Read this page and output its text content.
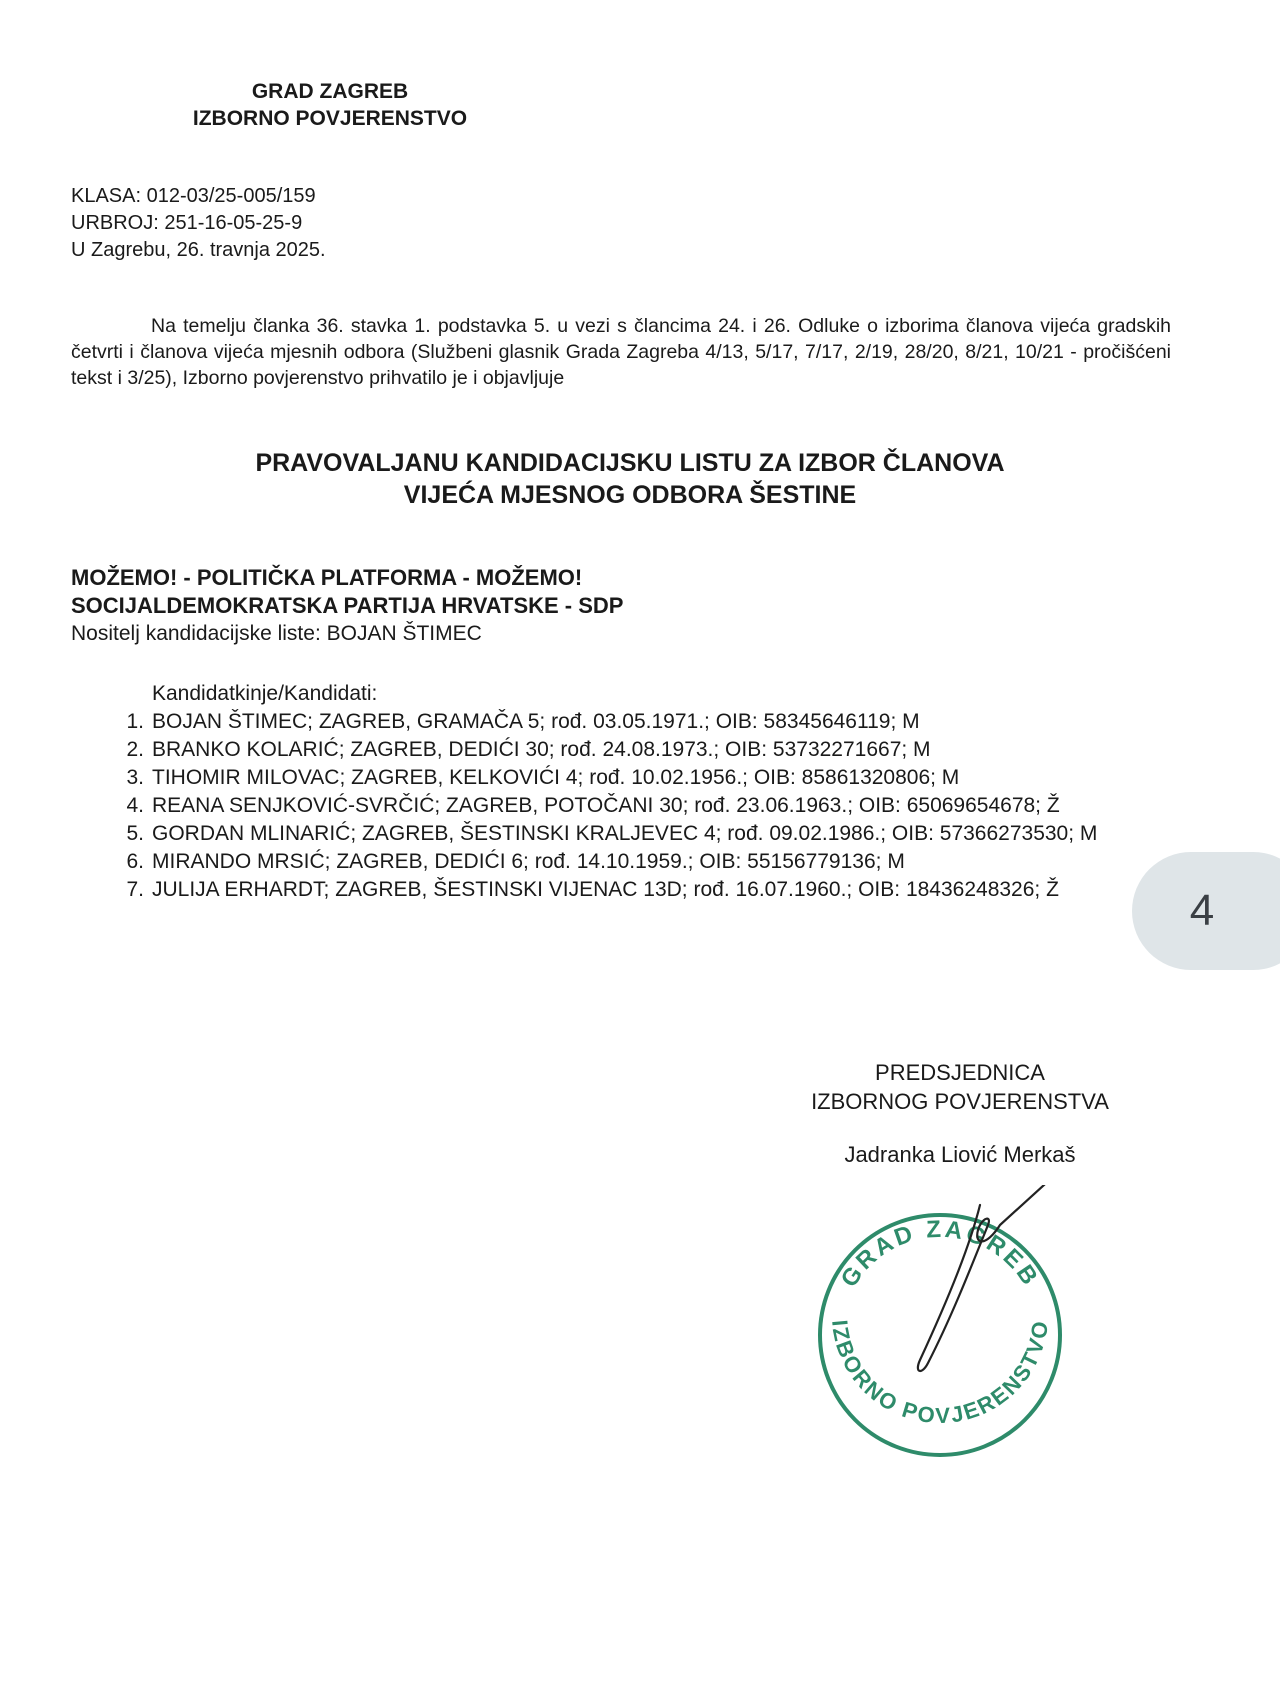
GRAD ZAGREB
IZBORNO POVJERENSTVO
KLASA: 012-03/25-005/159
URBROJ: 251-16-05-25-9
U Zagrebu, 26. travnja 2025.
Na temelju članka 36. stavka 1. podstavka 5. u vezi s člancima 24. i 26. Odluke o izborima članova vijeća gradskih četvrti i članova vijeća mjesnih odbora (Službeni glasnik Grada Zagreba 4/13, 5/17, 7/17, 2/19, 28/20, 8/21, 10/21 - pročišćeni tekst i 3/25), Izborno povjerenstvo prihvatilo je i objavljuje
PRAVOVALJANU KANDIDACIJSKU LISTU ZA IZBOR ČLANOVA
VIJEĆA MJESNOG ODBORA ŠESTINE
MOŽEMO! - POLITIČKA PLATFORMA - MOŽEMO!
SOCIJALDEMOKRATSKA PARTIJA HRVATSKE - SDP
Nositelj kandidacijske liste: BOJAN ŠTIMEC
Kandidatkinje/Kandidati:
1. BOJAN ŠTIMEC; ZAGREB, GRAMAČA 5; rođ. 03.05.1971.; OIB: 58345646119; M
2. BRANKO KOLARIĆ; ZAGREB, DEDIĆI 30; rođ. 24.08.1973.; OIB: 53732271667; M
3. TIHOMIR MILOVAC; ZAGREB, KELKOVIĆI 4; rođ. 10.02.1956.; OIB: 85861320806; M
4. REANA SENJKOVIĆ-SVRČIĆ; ZAGREB, POTOČANI 30; rođ. 23.06.1963.; OIB: 65069654678; Ž
5. GORDAN MLINARIĆ; ZAGREB, ŠESTINSKI KRALJEVEC 4; rođ. 09.02.1986.; OIB: 57366273530; M
6. MIRANDO MRSIĆ; ZAGREB, DEDIĆI 6; rođ. 14.10.1959.; OIB: 55156779136; M
7. JULIJA ERHARDT; ZAGREB, ŠESTINSKI VIJENAC 13D; rođ. 16.07.1960.; OIB: 18436248326; Ž	4
PREDSJEDNICA
IZBORNOG POVJERENSTVA
Jadranka Liović Merkaš
GRAD ZAGREB
IZBORNO POVJERENSTVO
